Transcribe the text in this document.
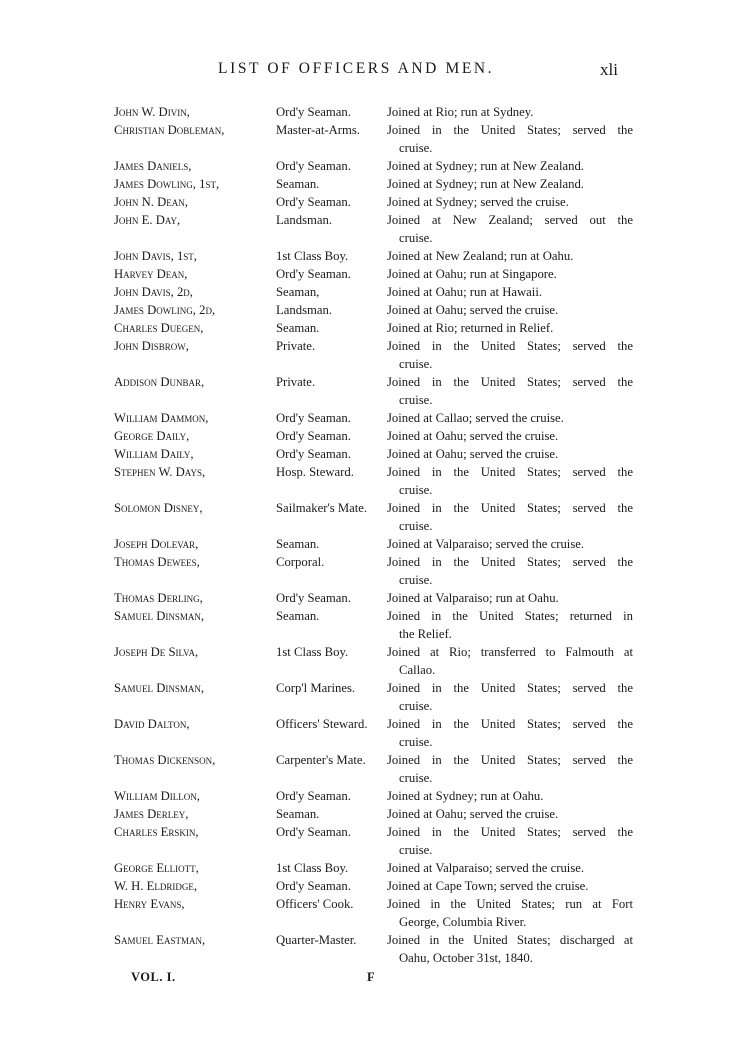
LIST OF OFFICERS AND MEN.	xli
John W. Divin,	Ord'y Seaman.	Joined at Rio; run at Sydney.
Christian Dobleman,	Master-at-Arms. Joined in the United States; served the
cruise.
James Daniels,	Ord'y Seaman.	Joined at Sydney; run at New Zealand.
James Dowling, 1st,	Seaman.	Joined at Sydney; run at New Zealand.
John N. Dean,	Ord'y Seaman.	Joined at Sydney; served the cruise.
John E. Day,	Landsman.	Joined at New Zealand; served out the
cruise.
John Davis, 1st,	1st Class Boy.	Joined at New Zealand; run at Oahu.
Harvey Dean,	Ord'y Seaman.	Joined at Oahu; run at Singapore.
John Davis, 2d,	Seaman,	Joined at Oahu; run at Hawaii.
James Dowling, 2d,	Landsman.	Joined at Oahu; served the cruise.
Charles Duegen,	Seaman.	Joined at Rio; returned in Relief.
John Disbrow,	Private.	Joined in the United States; served the
cruise.
Addison Dunbar,	Private.	Joined in the United States; served the
cruise.
William Dammon,	Ord'y Seaman.	Joined at Callao; served the cruise.
George Daily,	Ord'y Seaman.	Joined at Oahu; served the cruise.
William Daily,	Ord'y Seaman.	Joined at Oahu; served the cruise.
Stephen W. Days,	Hosp. Steward.	Joined in the United States; served the
cruise.
Solomon Disney,	Sailmaker's Mate. Joined in the United States; served the
cruise.
Joseph Dolevar,	Seaman.	Joined at Valparaiso; served the cruise.
Thomas Dewees,	Corporal.	Joined in the United States; served the
cruise.
Thomas Derling,	Ord'y Seaman.	Joined at Valparaiso; run at Oahu.
Samuel Dinsman,	Seaman.	Joined in the United States; returned in
the Relief.
Joseph De Silva,	1st Class Boy.	Joined at Rio; transferred to Falmouth at
Callao.
Samuel Dinsman,	Corp'l Marines.	Joined in the United States; served the
cruise.
David Dalton,	Officers' Steward. Joined in the United States; served the
cruise.
Thomas Dickenson,	Carpenter's Mate. Joined in the United States; served the
cruise.
William Dillon,	Ord'y Seaman.	Joined at Sydney; run at Oahu.
James Derley,	Seaman.	Joined at Oahu; served the cruise.
Charles Erskin,	Ord'y Seaman.	Joined in the United States; served the
cruise.
George Elliott,	1st Class Boy.	Joined at Valparaiso; served the cruise.
W. H. Eldridge,	Ord'y Seaman.	Joined at Cape Town; served the cruise.
Henry Evans,	Officers' Cook.	Joined in the United States; run at Fort
George, Columbia River.
Samuel Eastman,	Quarter-Master. Joined in the United States; discharged at
Oahu, October 31st, 1840.
VOL. I.	F
